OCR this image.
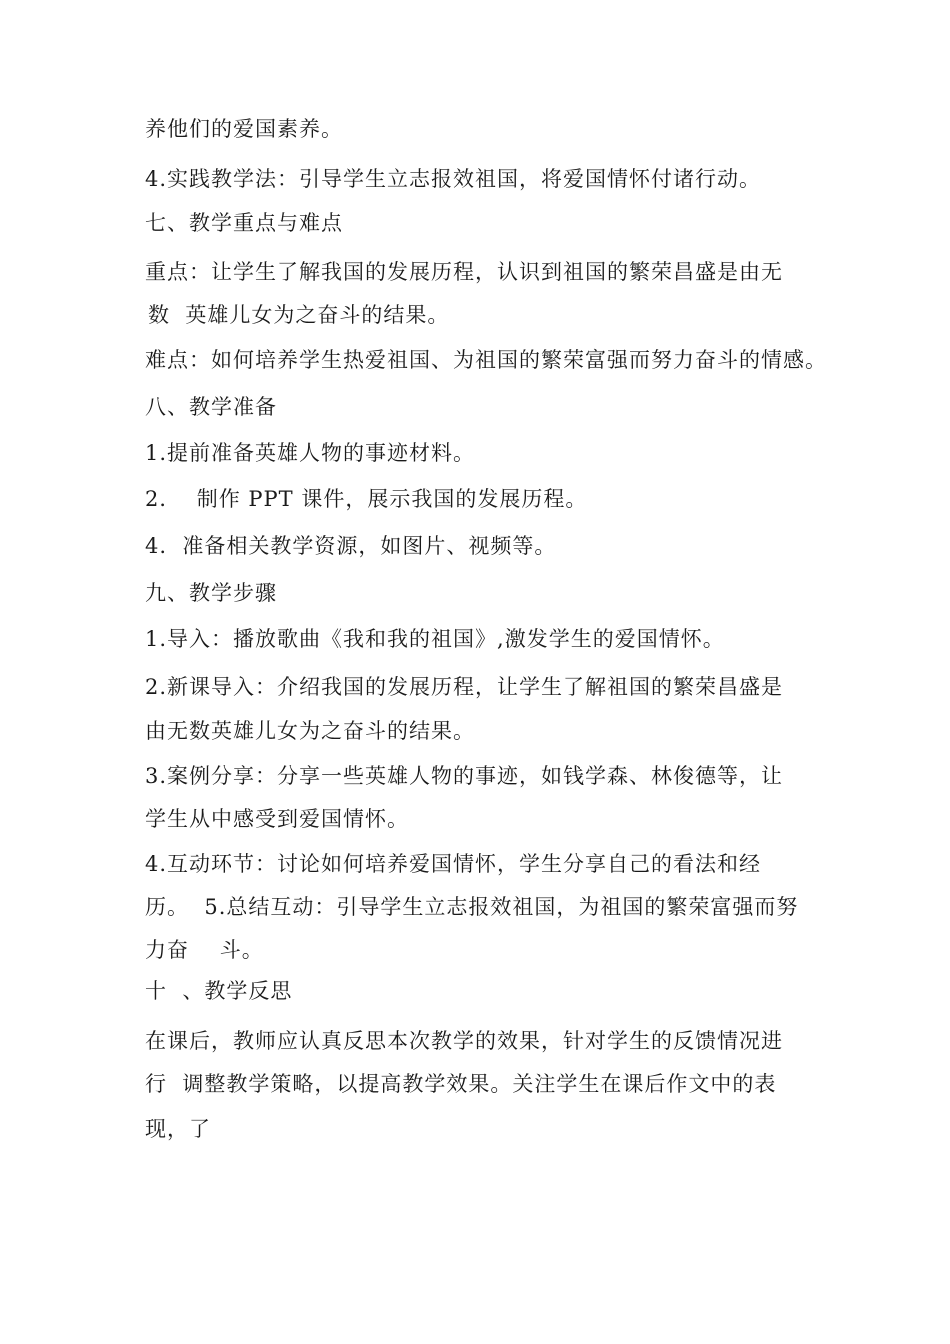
养他们的爱国素养。
4.实践教学法：引导学生立志报效祖国，将爱国情怀付诸行动。
七、教学重点与难点
重点：让学生了解我国的发展历程，认识到祖国的繁荣昌盛是由无
数  英雄儿女为之奋斗的结果。
难点：如何培养学生热爱祖国、为祖国的繁荣富强而努力奋斗的情感。
八、教学准备
1.提前准备英雄人物的事迹材料。
2．  制作 PPT 课件，展示我国的发展历程。
4.  准备相关教学资源，如图片、视频等。
九、教学步骤
1.导入：播放歌曲《我和我的祖国》,激发学生的爱国情怀。
2.新课导入：介绍我国的发展历程，让学生了解祖国的繁荣昌盛是
由无数英雄儿女为之奋斗的结果。
3.案例分享：分享一些英雄人物的事迹，如钱学森、林俊德等，让
学生从中感受到爱国情怀。
4.互动环节：讨论如何培养爱国情怀，学生分享自己的看法和经
历。  5.总结互动：引导学生立志报效祖国，为祖国的繁荣富强而努
力奋    斗。
十  、教学反思
在课后，教师应认真反思本次教学的效果，针对学生的反馈情况进
行  调整教学策略，以提高教学效果。关注学生在课后作文中的表
现，了
